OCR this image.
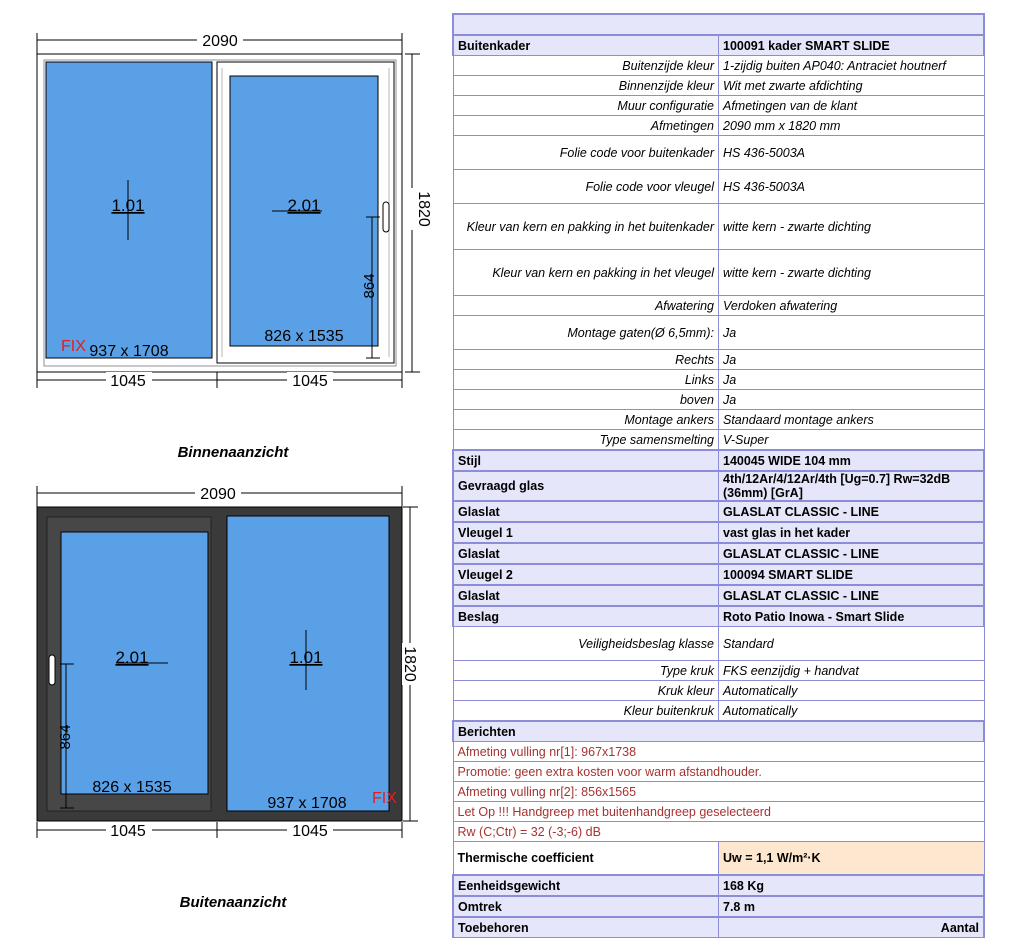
2090
1.01	2.01
FIX 937 x 1708
826 x 1535
864
1820
1045	1045
2090
2.01	1.01
826 x 1535
937 x 1708 FIX
864
1820
1045	1045
Binnenaanzicht
Buitenaanzicht

Buitenkader	100091 kader SMART SLIDE
Buitenzijde kleur	1-zijdig buiten AP040: Antraciet houtnerf
Binnenzijde kleur	Wit met zwarte afdichting
Muur configuratie	Afmetingen van de klant
Afmetingen	2090 mm x 1820 mm
Folie code voor buitenkader	HS 436-5003A
Folie code voor vleugel	HS 436-5003A
Kleur van kern en pakking in het buitenkader	witte kern - zwarte dichting
Kleur van kern en pakking in het vleugel	witte kern - zwarte dichting
Afwatering	Verdoken afwatering
Montage gaten(Ø 6,5mm):	Ja
Rechts	Ja
Links	Ja
boven	Ja
Montage ankers	Standaard montage ankers
Type samensmelting	V-Super
Stijl	140045 WIDE 104 mm
Gevraagd glas	4th/12Ar/4/12Ar/4th [Ug=0.7] Rw=32dB (36mm) [GrA]
Glaslat	GLASLAT CLASSIC - LINE
Vleugel 1	vast glas in het kader
Glaslat	GLASLAT CLASSIC - LINE
Vleugel 2	100094 SMART SLIDE
Glaslat	GLASLAT CLASSIC - LINE
Beslag	Roto Patio Inowa - Smart Slide
Veiligheidsbeslag klasse	Standard
Type kruk	FKS eenzijdig + handvat
Kruk kleur	Automatically
Kleur buitenkruk	Automatically
Berichten	
Afmeting vulling nr[1]: 967x1738	
Promotie: geen extra kosten voor warm afstandhouder.	
Afmeting vulling nr[2]: 856x1565	
Let Op !!! Handgreep met buitenhandgreep geselecteerd	
Rw (C;Ctr) = 32 (-3;-6) dB	
Thermische coefficient	Uw = 1,1 W/m²·K
Eenheidsgewicht	168 Kg
Omtrek	7.8 m
Toebehoren	Aantal
